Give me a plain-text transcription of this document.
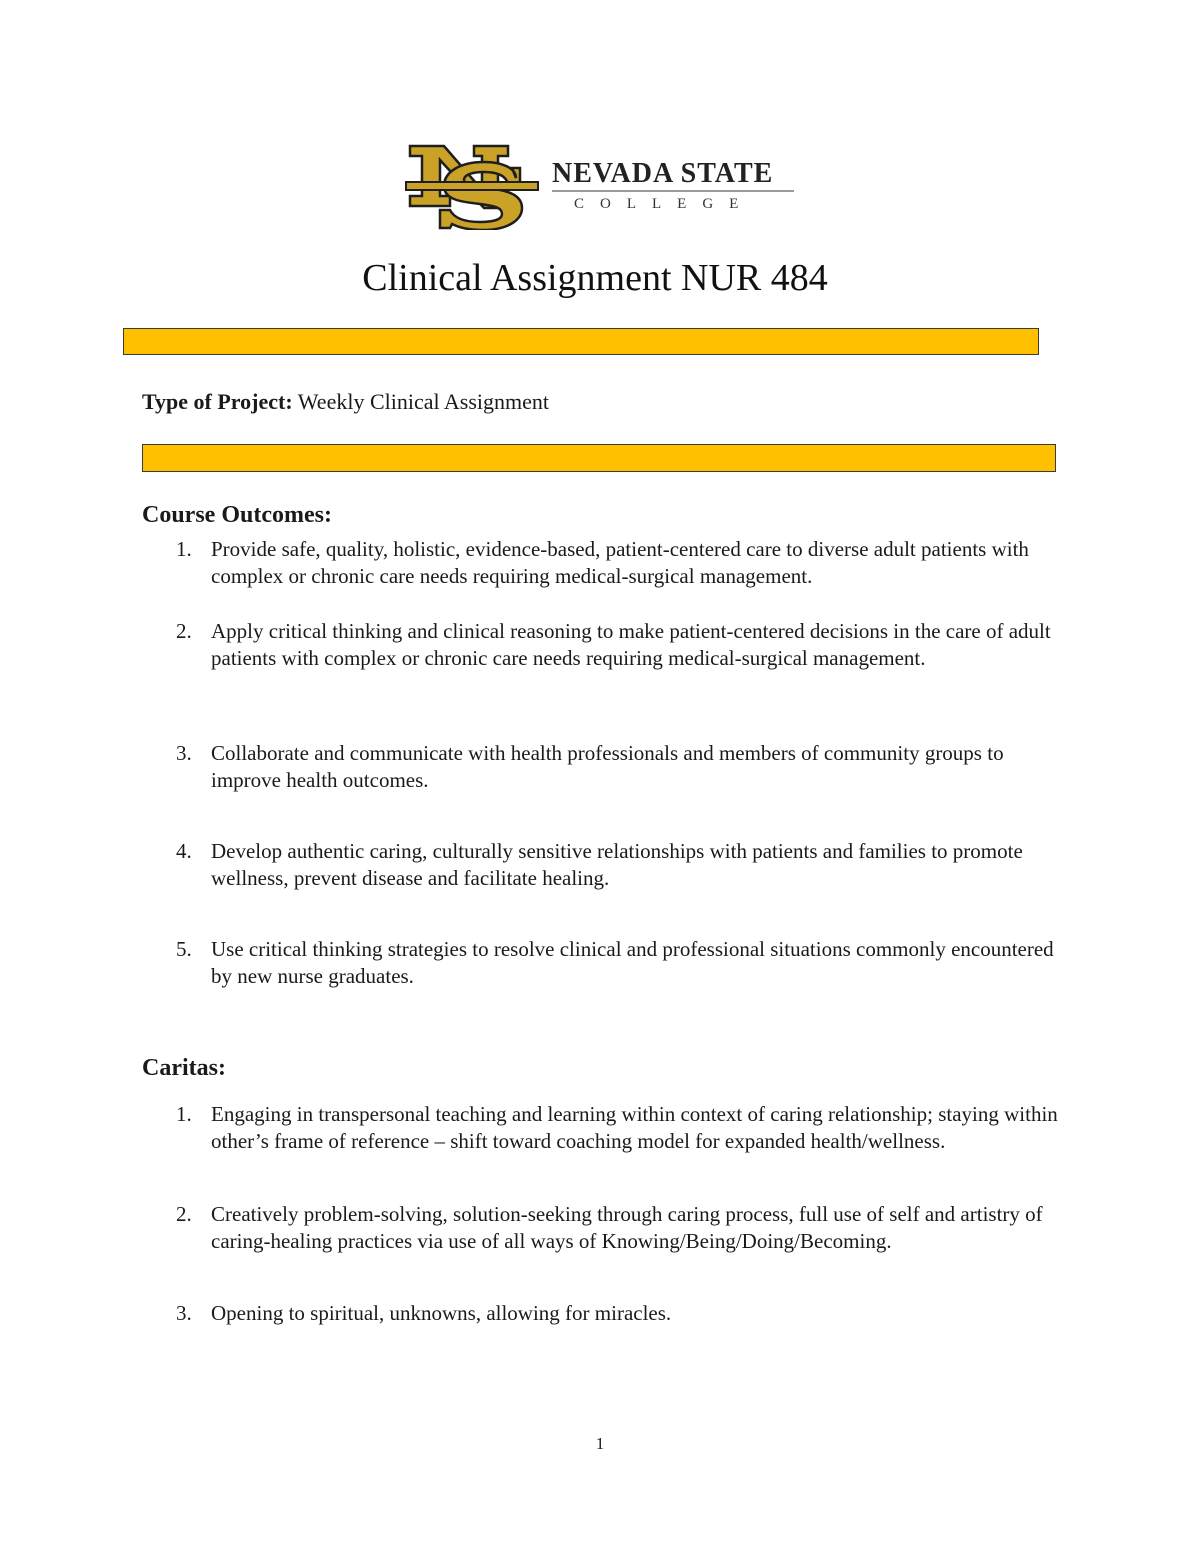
NEVADA STATE
COLLEGE
Clinical Assignment NUR 484
Type of Project: Weekly Clinical Assignment
Course Outcomes:
1. Provide safe, quality, holistic, evidence-based, patient-centered care to diverse adult patients with complex or chronic care needs requiring medical-surgical management.
2. Apply critical thinking and clinical reasoning to make patient-centered decisions in the care of adult patients with complex or chronic care needs requiring medical-surgical management.
3. Collaborate and communicate with health professionals and members of community groups to improve health outcomes.
4. Develop authentic caring, culturally sensitive relationships with patients and families to promote wellness, prevent disease and facilitate healing.
5. Use critical thinking strategies to resolve clinical and professional situations commonly encountered by new nurse graduates.
Caritas:
1. Engaging in transpersonal teaching and learning within context of caring relationship; staying within other’s frame of reference – shift toward coaching model for expanded health/wellness.
2. Creatively problem-solving, solution-seeking through caring process, full use of self and artistry of caring-healing practices via use of all ways of Knowing/Being/Doing/Becoming.
3. Opening to spiritual, unknowns, allowing for miracles.
1
